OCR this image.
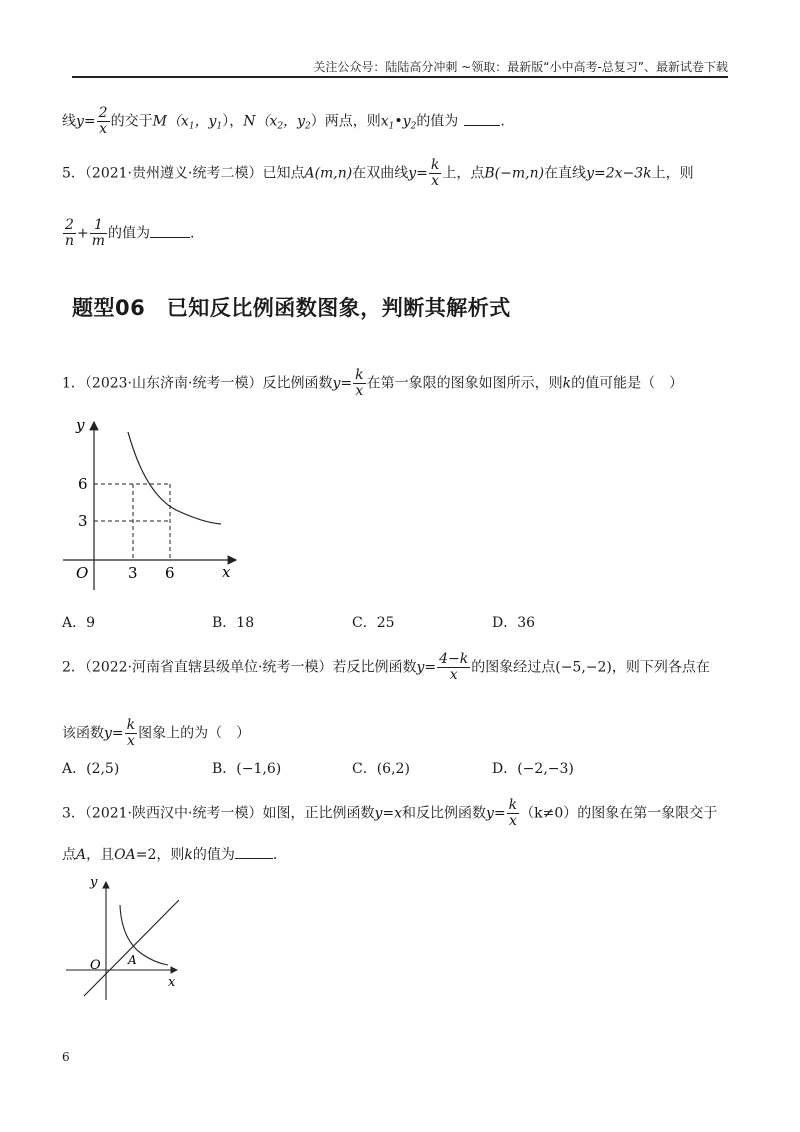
关注公众号：陆陆高分冲刺 ~领取：最新版“小中高考-总复习”、最新试卷下载
线$y= \frac{2}{x}$ 的交于$M(x_1$，$y_1$），$N(x_2$，$y_2$）两点，则$x_1•y_2$的值为	.
5．（2021·贵州遵义·统考二模）已知点A(m,n)在双曲线$y= \frac{k}{x}$ 上，点B(−m,n)在直线y=2x−3k上，则
$\frac{2}{n} + \frac{1}{m}$ 的值为	.
题型06　已知反比例函数图象，判断其解析式
1．（2023·山东济南·统考一模）反比例函数$y= \frac{k}{x}$ 在第一象限的图象如图所示，则k的值可能是（　）
y
x
O
6
3
3 6
A．9	B．18	C．25	D．36
2．（2022·河南省直辖县级单位·统考一模）若反比例函数$y= \frac{4-k}{x}$ 的图象经过点(−5,−2)，则下列各点在
该函数$y= \frac{k}{x}$ 图象上的为（　）
A．(2,5)	B．(−1,6)	C．(6,2)	D．(−2,−3)
3．（2021·陕西汉中·统考一模）如图，正比例函数y=x和反比例函数$y= \frac{k}{x} (k\ne 0)$的图象在第一象限交于
点A，且OA=2，则k的值为	.
y
x
O A
6
